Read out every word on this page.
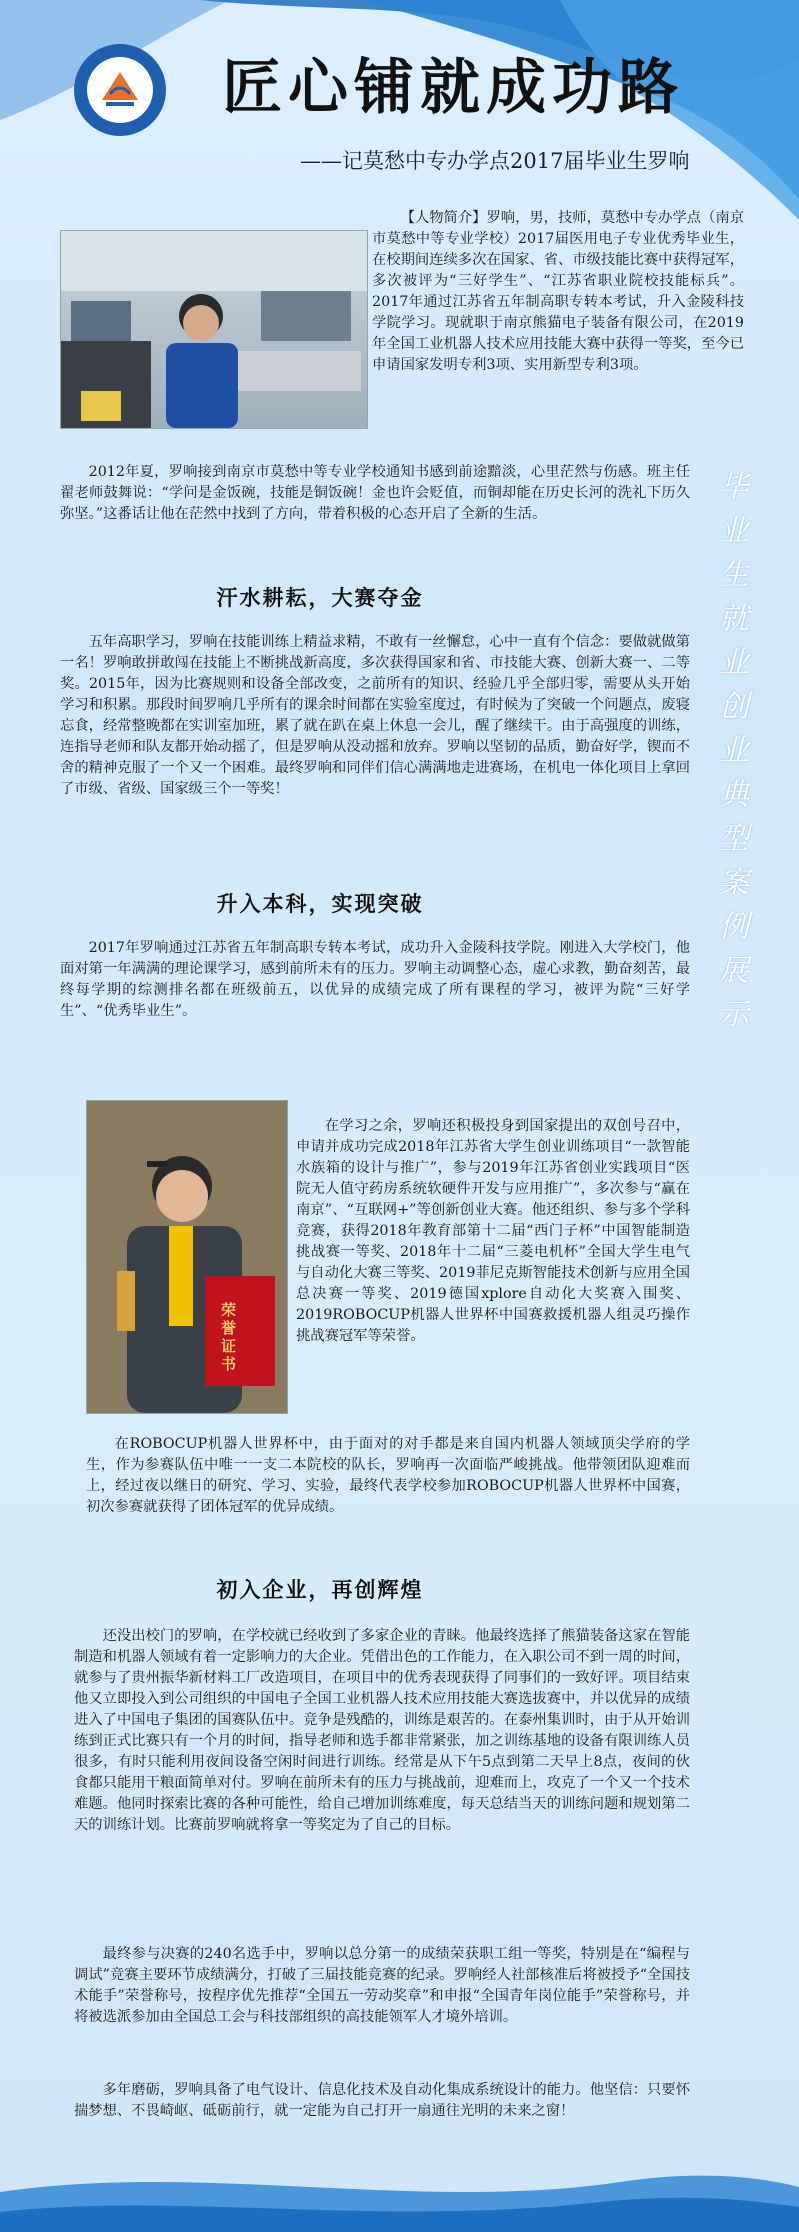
匠心铺就成功路
——记莫愁中专办学点2017届毕业生罗响
毕业生就业创业典型案例展示
【人物简介】罗响，男，技师，莫愁中专办学点（南京市莫愁中等专业学校）2017届医用电子专业优秀毕业生，在校期间连续多次在国家、省、市级技能比赛中获得冠军，多次被评为“三好学生”、“江苏省职业院校技能标兵”。2017年通过江苏省五年制高职专转本考试，升入金陵科技学院学习。现就职于南京熊猫电子装备有限公司，在2019年全国工业机器人技术应用技能大赛中获得一等奖，至今已申请国家发明专利3项、实用新型专利3项。
2012年夏，罗响接到南京市莫愁中等专业学校通知书感到前途黯淡，心里茫然与伤感。班主任翟老师鼓舞说：“学问是金饭碗，技能是铜饭碗！金也许会贬值，而铜却能在历史长河的洗礼下历久弥坚。”这番话让他在茫然中找到了方向，带着积极的心态开启了全新的生活。
汗水耕耘，大赛夺金
五年高职学习，罗响在技能训练上精益求精，不敢有一丝懈怠，心中一直有个信念：要做就做第一名！罗响敢拼敢闯在技能上不断挑战新高度，多次获得国家和省、市技能大赛、创新大赛一、二等奖。2015年，因为比赛规则和设备全部改变，之前所有的知识、经验几乎全部归零，需要从头开始学习和积累。那段时间罗响几乎所有的课余时间都在实验室度过，有时候为了突破一个问题点，废寝忘食，经常整晚都在实训室加班，累了就在趴在桌上休息一会儿，醒了继续干。由于高强度的训练，连指导老师和队友都开始动摇了，但是罗响从没动摇和放弃。罗响以坚韧的品质，勤奋好学，锲而不舍的精神克服了一个又一个困难。最终罗响和同伴们信心满满地走进赛场，在机电一体化项目上拿回了市级、省级、国家级三个一等奖！
升入本科，实现突破
2017年罗响通过江苏省五年制高职专转本考试，成功升入金陵科技学院。刚进入大学校门，他面对第一年满满的理论课学习，感到前所未有的压力。罗响主动调整心态，虚心求教，勤奋刻苦，最终每学期的综测排名都在班级前五，以优异的成绩完成了所有课程的学习，被评为院“三好学生”、“优秀毕业生”。
荣誉证书
在学习之余，罗响还积极投身到国家提出的双创号召中，申请并成功完成2018年江苏省大学生创业训练项目“一款智能水族箱的设计与推广”，参与2019年江苏省创业实践项目“医院无人值守药房系统软硬件开发与应用推广”，多次参与“赢在南京”、“互联网+”等创新创业大赛。他还组织、参与多个学科竞赛，获得2018年教育部第十二届“西门子杯”中国智能制造挑战赛一等奖、2018年十二届“三菱电机杯”全国大学生电气与自动化大赛三等奖、2019菲尼克斯智能技术创新与应用全国总决赛一等奖、2019德国xplore自动化大奖赛入围奖、2019ROBOCUP机器人世界杯中国赛救援机器人组灵巧操作挑战赛冠军等荣誉。
在ROBOCUP机器人世界杯中，由于面对的对手都是来自国内机器人领域顶尖学府的学生，作为参赛队伍中唯一一支二本院校的队长，罗响再一次面临严峻挑战。他带领团队迎难而上，经过夜以继日的研究、学习、实验，最终代表学校参加ROBOCUP机器人世界杯中国赛，初次参赛就获得了团体冠军的优异成绩。
初入企业，再创辉煌
还没出校门的罗响，在学校就已经收到了多家企业的青睐。他最终选择了熊猫装备这家在智能制造和机器人领域有着一定影响力的大企业。凭借出色的工作能力，在入职公司不到一周的时间，就参与了贵州振华新材料工厂改造项目，在项目中的优秀表现获得了同事们的一致好评。项目结束他又立即投入到公司组织的中国电子全国工业机器人技术应用技能大赛选拔赛中，并以优异的成绩进入了中国电子集团的国赛队伍中。竞争是残酷的，训练是艰苦的。在泰州集训时，由于从开始训练到正式比赛只有一个月的时间，指导老师和选手都非常紧张，加之训练基地的设备有限训练人员很多，有时只能利用夜间设备空闲时间进行训练。经常是从下午5点到第二天早上8点，夜间的伙食都只能用干粮面简单对付。罗响在前所未有的压力与挑战前，迎难而上，攻克了一个又一个技术难题。他同时探索比赛的各种可能性，给自己增加训练难度，每天总结当天的训练问题和规划第二天的训练计划。比赛前罗响就将拿一等奖定为了自己的目标。
最终参与决赛的240名选手中，罗响以总分第一的成绩荣获职工组一等奖，特别是在“编程与调试”竞赛主要环节成绩满分，打破了三届技能竞赛的纪录。罗响经人社部核准后将被授予“全国技术能手”荣誉称号，按程序优先推荐“全国五一劳动奖章”和申报“全国青年岗位能手”荣誉称号，并将被选派参加由全国总工会与科技部组织的高技能领军人才境外培训。
多年磨砺，罗响具备了电气设计、信息化技术及自动化集成系统设计的能力。他坚信：只要怀揣梦想、不畏崎岖、砥砺前行，就一定能为自己打开一扇通往光明的未来之窗！
